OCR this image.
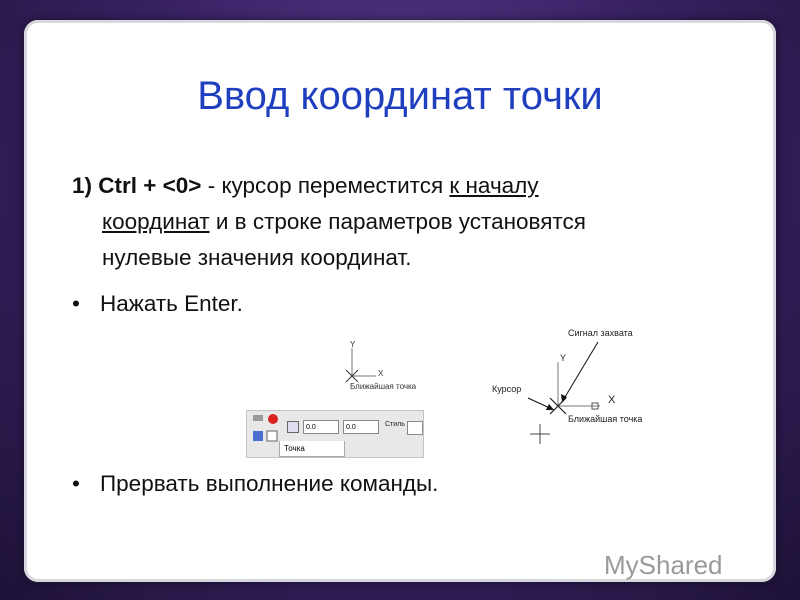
Ввод координат точки
1) Ctrl + <0> - курсор переместится к началу
координат и в строке параметров установятся
нулевые значения координат.
• Нажать Enter.
Y
X
Ближайшая точка
Сигнал захвата
Y
Курсор
X
Ближайшая точка
0.0	0.0	Стиль
Точка
• Прервать выполнение команды.
MyShared
